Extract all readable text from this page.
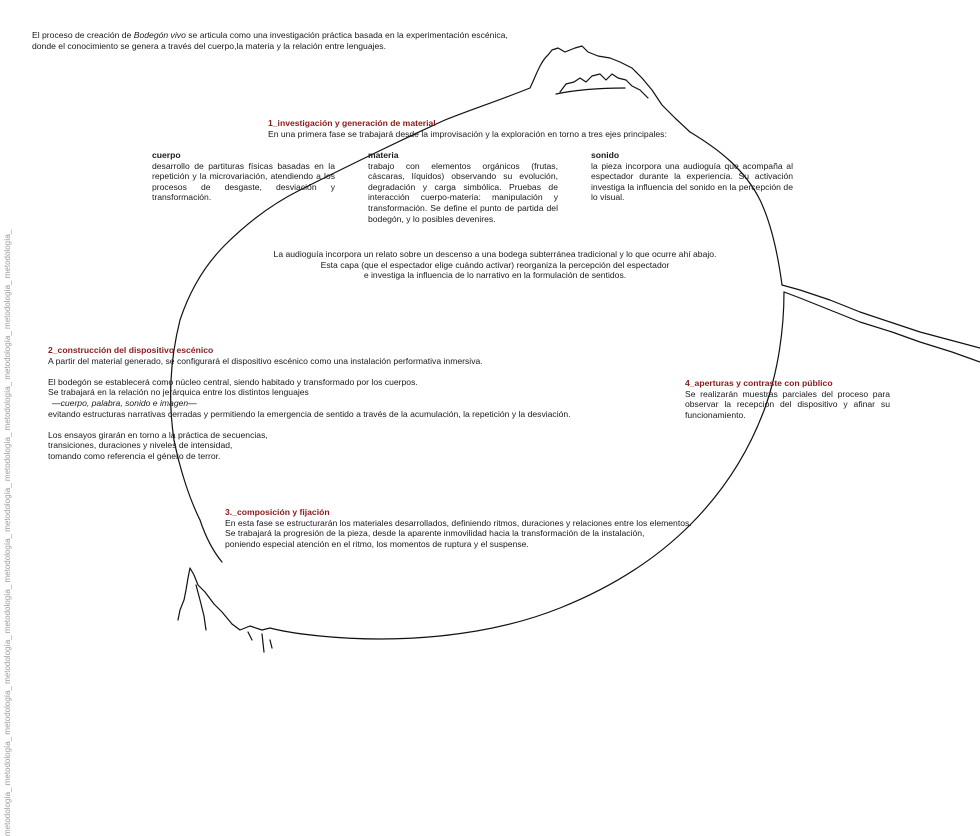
El proceso de creación de Bodegón vivo se articula como una investigación práctica basada en la experimentación escénica,

donde el conocimiento se genera a través del cuerpo,la materia y la relación entre lenguajes.

1_investigación y generación de material
En una primera fase se trabajará desde la improvisación y la exploración en torno a tres ejes principales:

cuerpo

desarrollo de partituras físicas basadas en la repetición y la microvariación, atendiendo a los procesos de desgaste, desviación y transformación.

materia

trabajo con elementos orgánicos (frutas, cáscaras, líquidos) observando su evolución, degradación y carga simbólica. Pruebas de interacción cuerpo-materia: manipulación y transformación. Se define el punto de partida del bodegón, y lo posibles devenires.

sonido

la pieza incorpora una audioguía que acompaña al espectador durante la experiencia. Su activación investiga la influencia del sonido en la percepción de lo visual.

La audioguía incorpora un relato sobre un descenso a una bodega subterránea tradicional y lo que ocurre ahí abajo.

Esta capa (que el espectador elige cuándo activar) reorganiza la percepción del espectador

e investiga la influencia de lo narrativo en la formulación de sentidos.

2_construcción del dispositivo escénico

A partir del material generado, se configurará el dispositivo escénico como una instalación performativa inmersiva.

El bodegón se establecerá como núcleo central, siendo habitado y transformado por los cuerpos.

Se trabajará en la relación no jerárquica entre los distintos lenguajes

—cuerpo, palabra, sonido e imagen—

evitando estructuras narrativas cerradas y permitiendo la emergencia de sentido a través de la acumulación, la repetición y la desviación.

Los ensayos girarán en torno a la práctica de secuencias,

transiciones, duraciones y niveles de intensidad,

tomando como referencia el género de terror.

3._composición y fijación

En esta fase se estructurarán los materiales desarrollados, definiendo ritmos, duraciones y relaciones entre los elementos.

Se trabajará la progresión de la pieza, desde la aparente inmovilidad hacia la transformación de la instalación,

poniendo especial atención en el ritmo, los momentos de ruptura y el suspense.

4_aperturas y contraste con público

Se realizarán muestras parciales del proceso para observar la recepción del dispositivo y afinar su funcionamiento.

metodología_ metodología_ metodología_ metodología_ metodología_ metodología_ metodología_ metodología_ metodología_ metodología_ metodología_ metodología_
